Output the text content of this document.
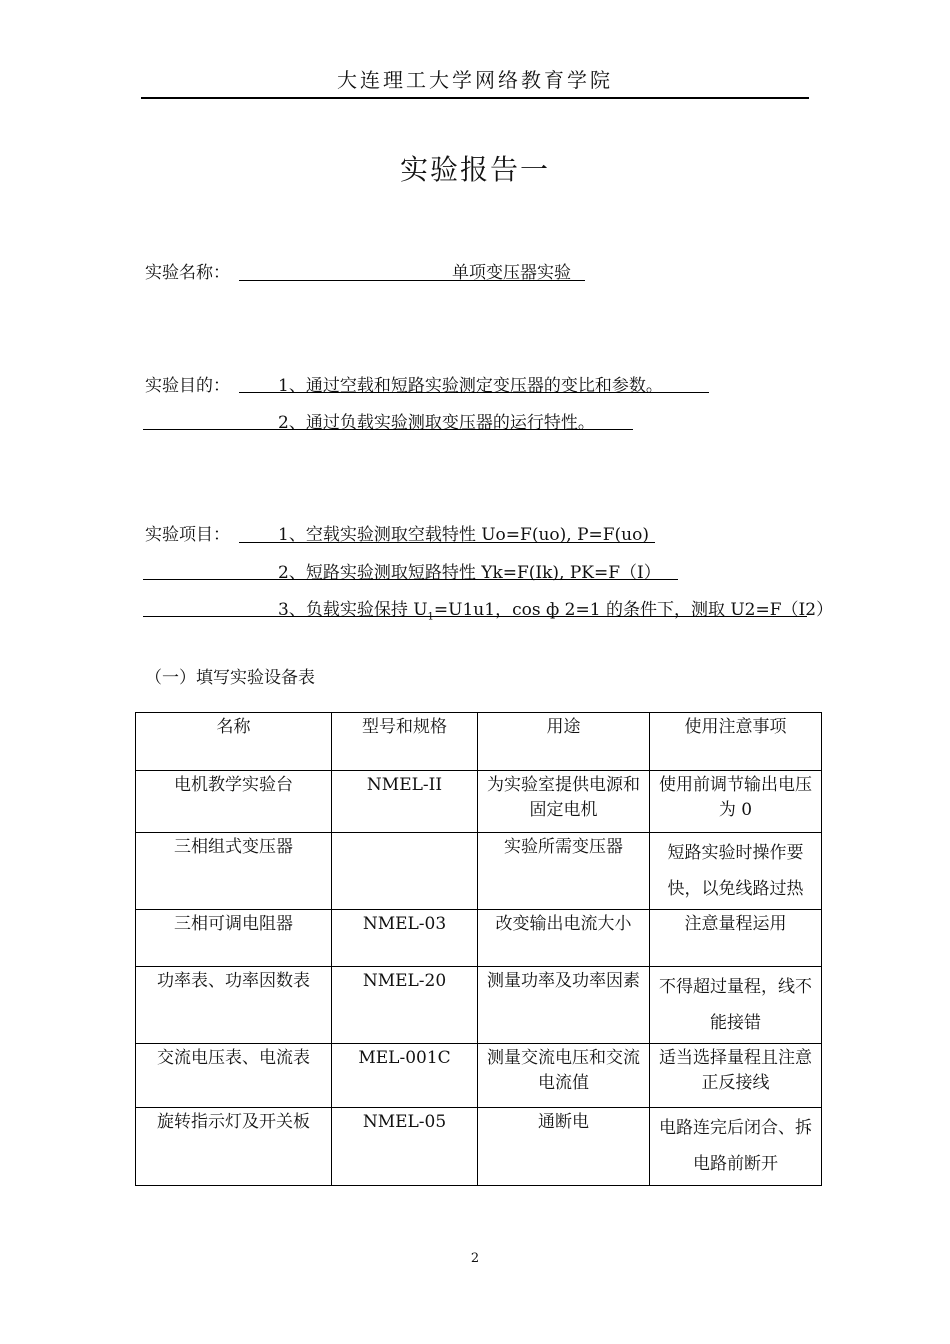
大连理工大学网络教育学院
实验报告一
实验名称：	单项变压器实验
实验目的：	1、通过空载和短路实验测定变压器的变比和参数。
2、通过负载实验测取变压器的运行特性。
实验项目：	1、空载实验测取空载特性 Uo=F(uo), P=F(uo)
2、短路实验测取短路特性 Yk=F(Ik), PK=F（I）
3、负载实验保持 $U_1=U1u1$，cos ф 2=1 的条件下，测取 U2=F（I2）
（一）填写实验设备表
名称	型号和规格	用途	使用注意事项
电机教学实验台	NMEL-II	为实验室提供电源和固定电机	使用前调节输出电压为 0
三相组式变压器		实验所需变压器	短路实验时操作要快，以免线路过热
三相可调电阻器	NMEL-03	改变输出电流大小	注意量程运用
功率表、功率因数表	NMEL-20	测量功率及功率因素	不得超过量程，线不能接错
交流电压表、电流表	MEL-001C	测量交流电压和交流电流值	适当选择量程且注意正反接线
旋转指示灯及开关板	NMEL-05	通断电	电路连完后闭合、拆电路前断开
2
